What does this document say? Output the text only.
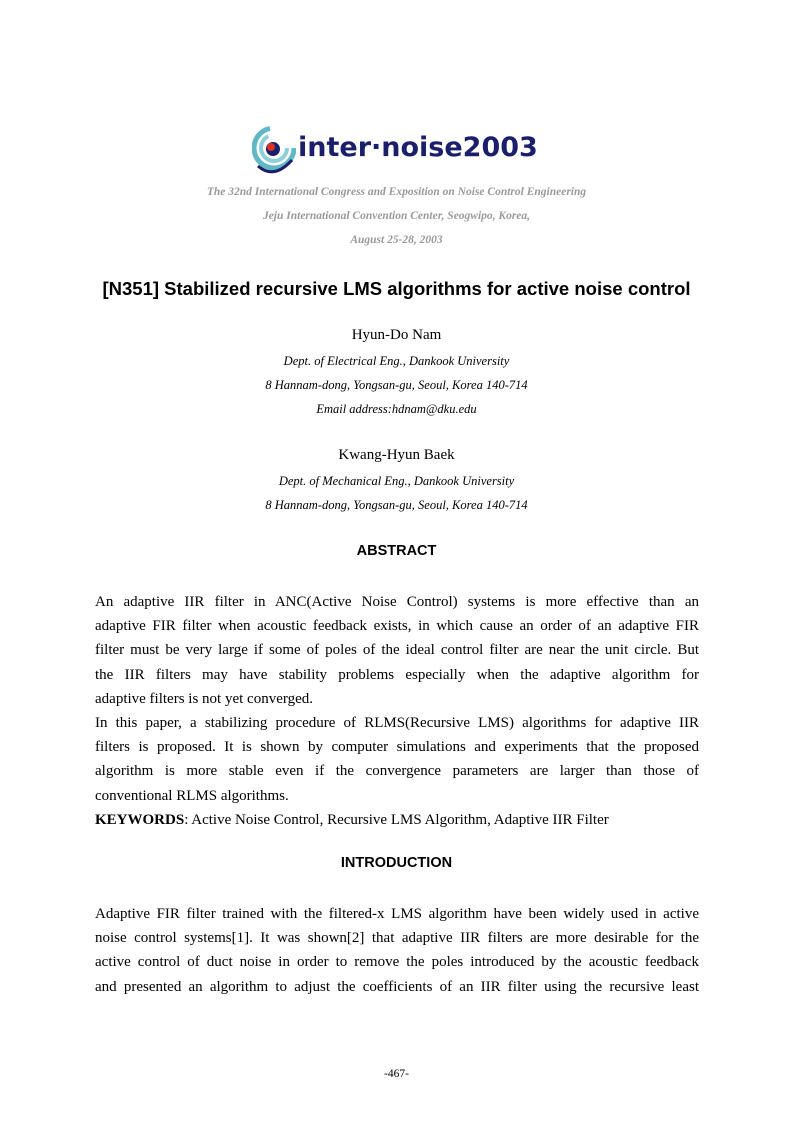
inter·noise2003
The 32nd International Congress and Exposition on Noise Control Engineering
Jeju International Convention Center, Seogwipo, Korea,
August 25-28, 2003
[N351] Stabilized recursive LMS algorithms for active noise control
Hyun-Do Nam
Dept. of Electrical Eng., Dankook University
8 Hannam-dong, Yongsan-gu, Seoul, Korea 140-714
Email address:hdnam@dku.edu
Kwang-Hyun Baek
Dept. of Mechanical Eng., Dankook University
8 Hannam-dong, Yongsan-gu, Seoul, Korea 140-714
ABSTRACT
An adaptive IIR filter in ANC(Active Noise Control) systems is more effective than an
adaptive FIR filter when acoustic feedback exists, in which cause an order of an adaptive FIR
filter must be very large if some of poles of the ideal control filter are near the unit circle. But
the IIR filters may have stability problems especially when the adaptive algorithm for
adaptive filters is not yet converged.
In this paper, a stabilizing procedure of RLMS(Recursive LMS) algorithms for adaptive IIR
filters is proposed. It is shown by computer simulations and experiments that the proposed
algorithm is more stable even if the convergence parameters are larger than those of
conventional RLMS algorithms.
KEYWORDS: Active Noise Control, Recursive LMS Algorithm, Adaptive IIR Filter
INTRODUCTION
Adaptive FIR filter trained with the filtered-x LMS algorithm have been widely used in active
noise control systems[1]. It was shown[2] that adaptive IIR filters are more desirable for the
active control of duct noise in order to remove the poles introduced by the acoustic feedback
and presented an algorithm to adjust the coefficients of an IIR filter using the recursive least
-467-
